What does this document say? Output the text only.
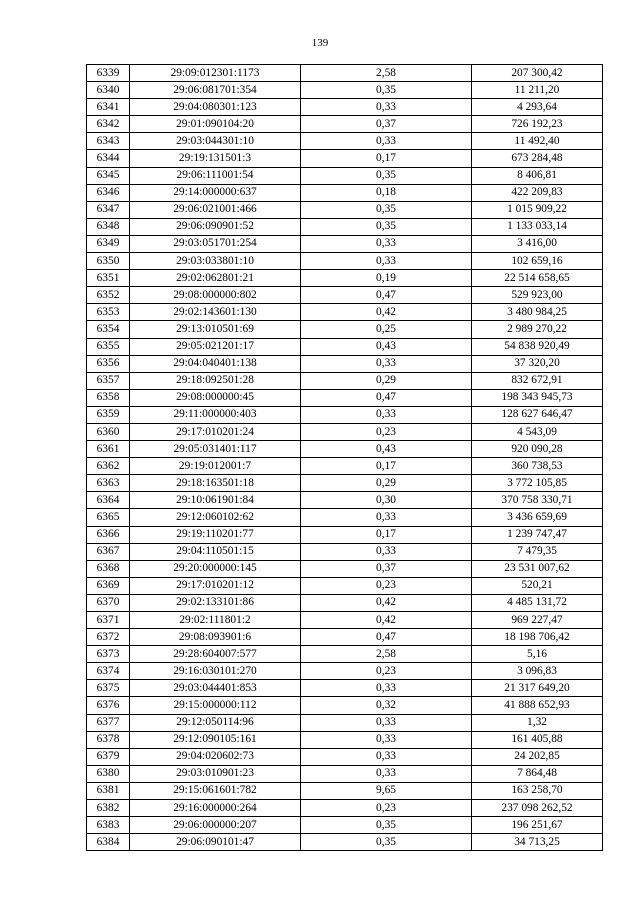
139
6339	29:09:012301:1173	2,58	207 300,42
6340	29:06:081701:354	0,35	11 211,20
6341	29:04:080301:123	0,33	4 293,64
6342	29:01:090104:20	0,37	726 192,23
6343	29:03:044301:10	0,33	11 492,40
6344	29:19:131501:3	0,17	673 284,48
6345	29:06:111001:54	0,35	8 406,81
6346	29:14:000000:637	0,18	422 209,83
6347	29:06:021001:466	0,35	1 015 909,22
6348	29:06:090901:52	0,35	1 133 033,14
6349	29:03:051701:254	0,33	3 416,00
6350	29:03:033801:10	0,33	102 659,16
6351	29:02:062801:21	0,19	22 514 658,65
6352	29:08:000000:802	0,47	529 923,00
6353	29:02:143601:130	0,42	3 480 984,25
6354	29:13:010501:69	0,25	2 989 270,22
6355	29:05:021201:17	0,43	54 838 920,49
6356	29:04:040401:138	0,33	37 320,20
6357	29:18:092501:28	0,29	832 672,91
6358	29:08:000000:45	0,47	198 343 945,73
6359	29:11:000000:403	0,33	128 627 646,47
6360	29:17:010201:24	0,23	4 543,09
6361	29:05:031401:117	0,43	920 090,28
6362	29:19:012001:7	0,17	360 738,53
6363	29:18:163501:18	0,29	3 772 105,85
6364	29:10:061901:84	0,30	370 758 330,71
6365	29:12:060102:62	0,33	3 436 659,69
6366	29:19:110201:77	0,17	1 239 747,47
6367	29:04:110501:15	0,33	7 479,35
6368	29:20:000000:145	0,37	23 531 007,62
6369	29:17:010201:12	0,23	520,21
6370	29:02:133101:86	0,42	4 485 131,72
6371	29:02:111801:2	0,42	969 227,47
6372	29:08:093901:6	0,47	18 198 706,42
6373	29:28:604007:577	2,58	5,16
6374	29:16:030101:270	0,23	3 096,83
6375	29:03:044401:853	0,33	21 317 649,20
6376	29:15:000000:112	0,32	41 888 652,93
6377	29:12:050114:96	0,33	1,32
6378	29:12:090105:161	0,33	161 405,88
6379	29:04:020602:73	0,33	24 202,85
6380	29:03:010901:23	0,33	7 864,48
6381	29:15:061601:782	9,65	163 258,70
6382	29:16:000000:264	0,23	237 098 262,52
6383	29:06:000000:207	0,35	196 251,67
6384	29:06:090101:47	0,35	34 713,25
